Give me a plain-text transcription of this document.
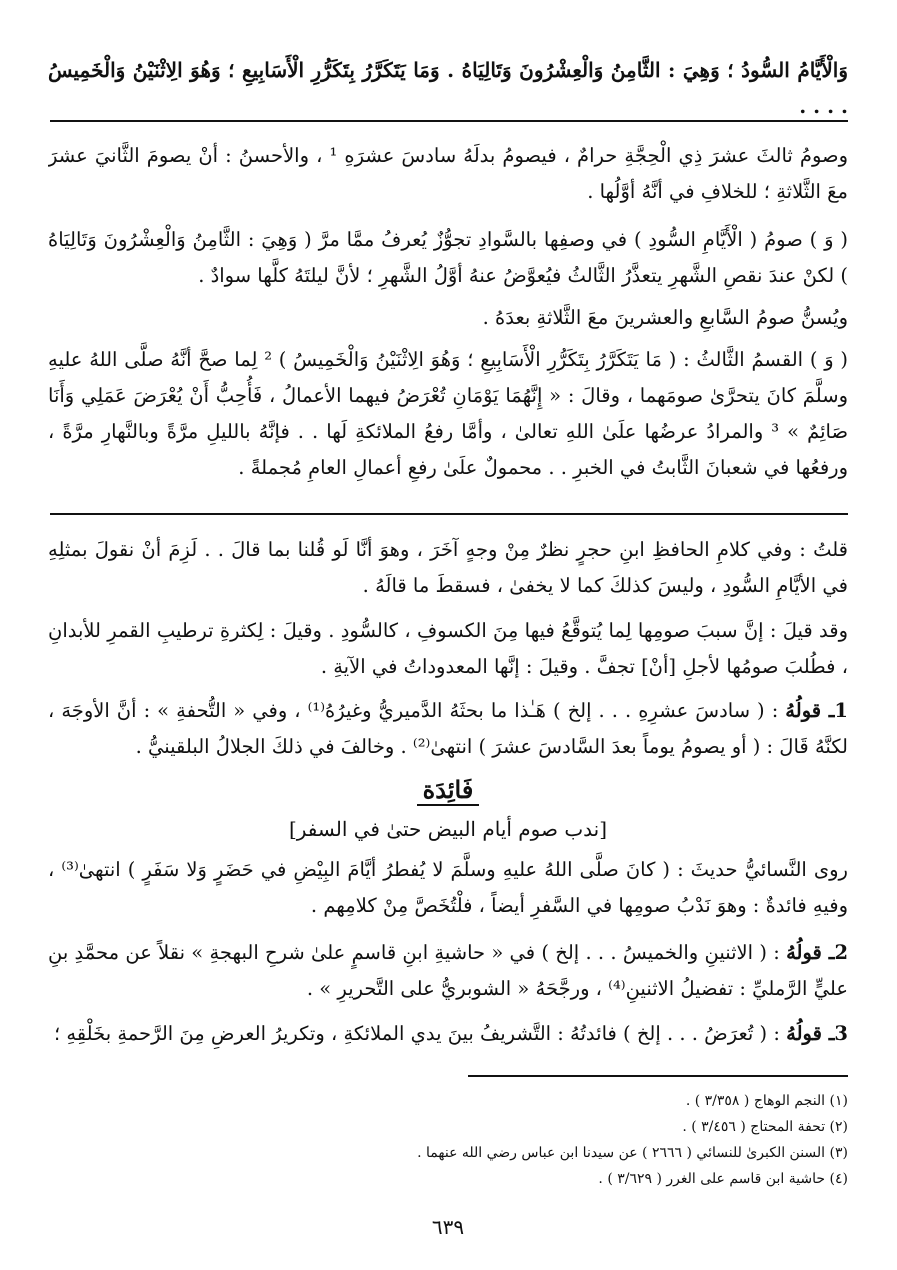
وَالْأَيَّامُ السُّودُ ؛ وَهِيَ : الثَّامِنُ وَالْعِشْرُونَ وَتَالِيَاهُ . وَمَا يَتَكَرَّرُ بِتَكَرُّرِ الْأَسَابِيعِ ؛ وَهُوَ الِاثْنَيْنُ وَالْخَمِيسُ . . . .
وصومُ ثالثَ عشرَ ذِي الْحِجَّةِ حرامٌ ، فيصومُ بدلَهُ سادسَ عشرَهِ ¹ ، والأحسنُ : أنْ يصومَ الثَّانيَ عشرَ معَ الثَّلاثةِ ؛ للخلافِ في أنَّهُ أوَّلُها .
( وَ ) صومُ ( الْأَيَّامِ السُّودِ ) في وصفِها بالسَّوادِ تجوُّزٌ يُعرفُ ممَّا مرَّ ( وَهِيَ : الثَّامِنُ وَالْعِشْرُونَ وَتَالِيَاهُ ) لكنْ عندَ نقصِ الشَّهرِ يتعذَّرُ الثَّالثُ فيُعوَّضُ عنهُ أوَّلُ الشَّهرِ ؛ لأنَّ ليلتَهُ كلَّها سوادٌ .
ويُسنُّ صومُ السَّابعِ والعشرينَ معَ الثَّلاثةِ بعدَهُ .
( وَ ) القسمُ الثَّالثُ : ( مَا يَتَكَرَّرُ بِتَكَرُّرِ الْأَسَابِيعِ ؛ وَهُوَ الِاثْنَيْنُ وَالْخَمِيسُ ) ² لِما صحَّ أنَّهُ صلَّى اللهُ عليهِ وسلَّمَ كانَ يتحرَّىٰ صومَهما ، وقالَ : « إِنَّهُمَا يَوْمَانِ تُعْرَضُ فيهما الأعمالُ ، فَأُحِبُّ أَنْ يُعْرَضَ عَمَلِي وَأَنَا صَائِمٌ » ³ والمرادُ عرضُها علَىٰ اللهِ تعالىٰ ، وأمَّا رفعُ الملائكةِ لَها . . فإنَّهُ بالليلِ مرَّةً وبالنَّهارِ مرَّةً ، ورفعُها في شعبانَ الثَّابتُ في الخبرِ . . محمولٌ علَىٰ رفعِ أعمالِ العامِ مُجملةً .
قلتُ : وفي كلامِ الحافظِ ابنِ حجرٍ نظرٌ مِنْ وجهٍ آخَرَ ، وهوَ أنَّا لَو قُلنا بما قالَ . . لَزِمَ أنْ نقولَ بمثلِهِ في الأيَّامِ السُّودِ ، وليسَ كذلكَ كما لا يخفىٰ ، فسقطَ ما قالَهُ .
وقد قيلَ : إنَّ سببَ صومِها لِما يُتوقَّعُ فيها مِنَ الكسوفِ ، كالسُّودِ . وقيلَ : لِكثرةِ ترطيبِ القمرِ للأبدانِ ، فطُلبَ صومُها لأجلِ [أنْ] تجفَّ . وقيلَ : إنَّها المعدوداتُ في الآيةِ .
1ـ قولُهُ : ( سادسَ عشرِهِ . . . إلخ ) هَـٰذا ما بحثَهُ الدَّميريُّ وغيرُهُ⁽¹⁾ ، وفي « التُّحفةِ » : أنَّ الأوجَهَ ، لكنَّهُ قَالَ : ( أو يصومُ يوماً بعدَ السَّادسَ عشرَ ) انتهىٰ⁽²⁾ . وخالفَ في ذلكَ الجلالُ البلقينيُّ .
فَائِدَة
[ندب صوم أيام البيض حتىٰ في السفر]
روى النَّسائيُّ حديثَ : ( كانَ صلَّى اللهُ عليهِ وسلَّمَ لا يُفطرُ أيَّامَ البِيْضِ في حَضَرٍ وَلا سَفَرٍ ) انتهىٰ⁽³⁾ ، وفيهِ فائدةٌ : وهوَ نَدْبُ صومِها في السَّفرِ أيضاً ، فلْتُخَصَّ مِنْ كلامِهم .
2ـ قولُهُ : ( الاثنينِ والخميسُ . . . إلخ ) في « حاشيةِ ابنِ قاسمٍ علىٰ شرحِ البهجةِ » نقلاً عن محمَّدِ بنِ عليٍّ الرَّمليِّ : تفضيلُ الاثنينِ⁽⁴⁾ ، ورجَّحَهُ « الشوبريُّ على التَّحريرِ » .
3ـ قولُهُ : ( تُعرَضُ . . . إلخ ) فائدتُهُ : التَّشريفُ بينَ يدي الملائكةِ ، وتكريرُ العرضِ مِنَ الرَّحمةِ بخَلْقِهِ ؛
(١) النجم الوهاج ( ٣/٣٥٨ ) .
(٢) تحفة المحتاج ( ٣/٤٥٦ ) .
(٣) السنن الكبرىٰ للنسائي ( ٢٦٦٦ ) عن سيدنا ابن عباس رضي الله عنهما .
(٤) حاشية ابن قاسم على الغرر ( ٣/٦٢٩ ) .
٦٣٩
